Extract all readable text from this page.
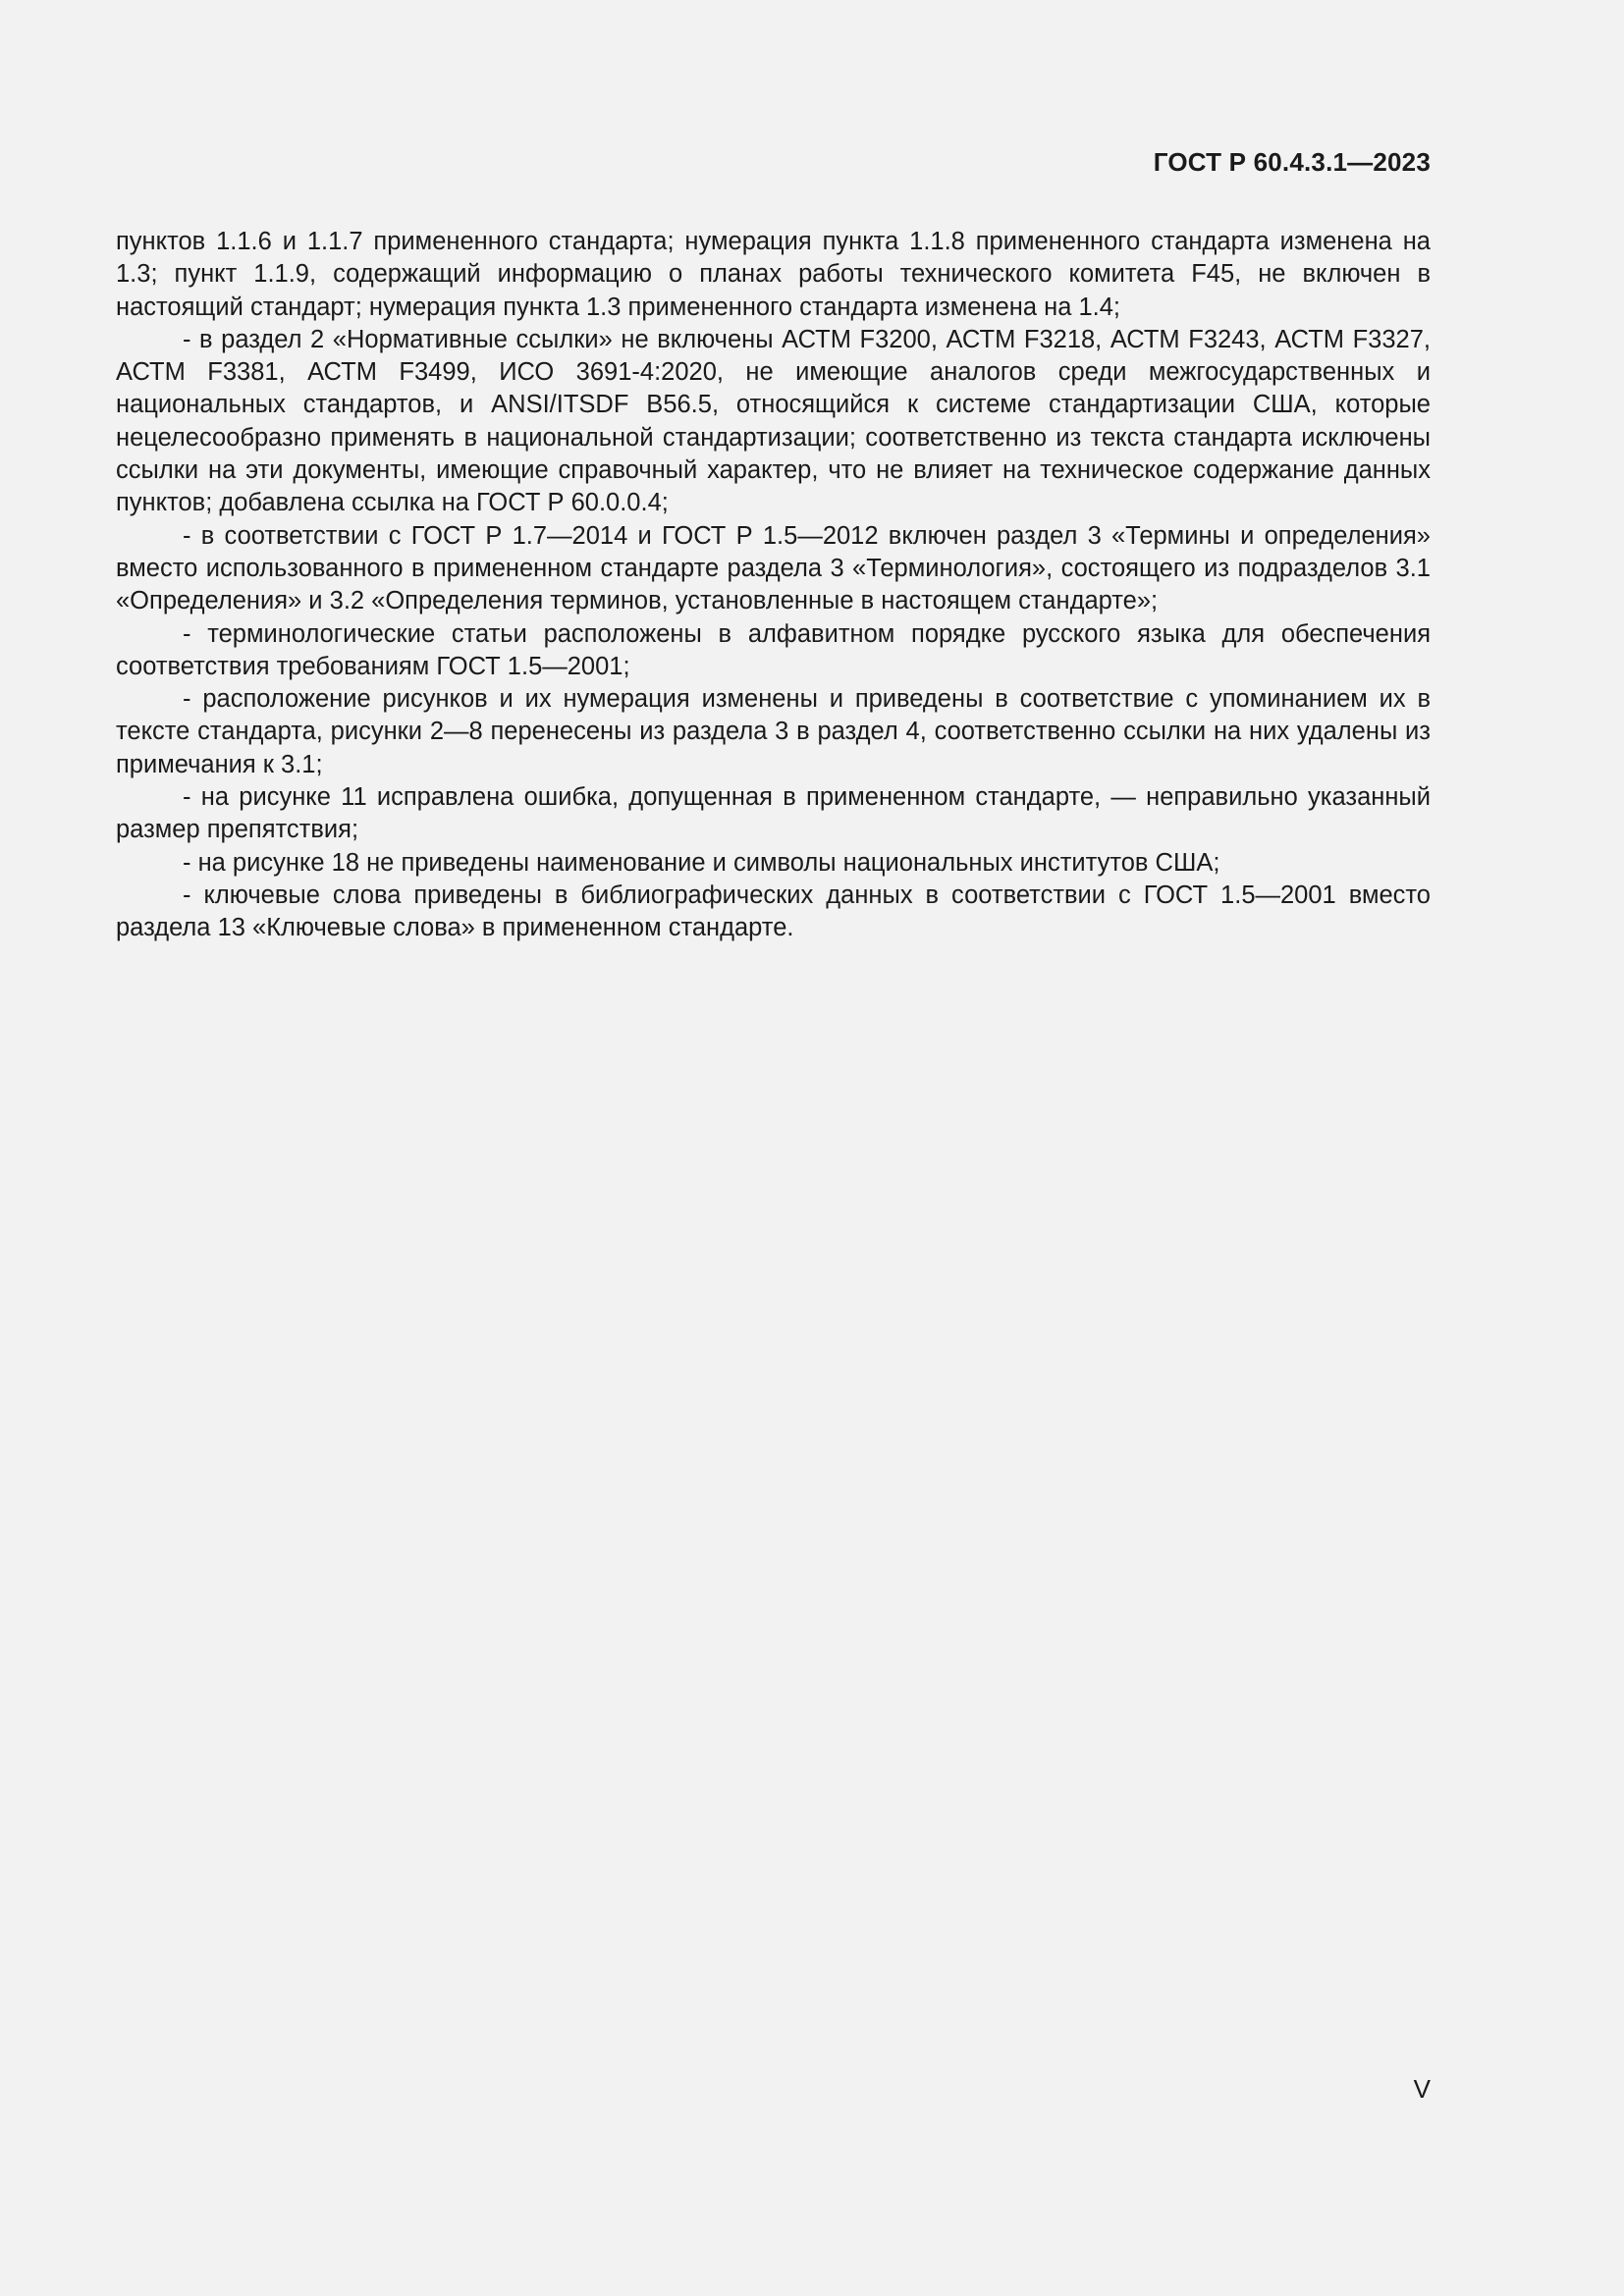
ГОСТ Р 60.4.3.1—2023

пунктов 1.1.6 и 1.1.7 примененного стандарта; нумерация пункта 1.1.8 примененного стандарта изменена на 1.3; пункт 1.1.9, содержащий информацию о планах работы технического комитета F45, не включен в настоящий стандарт; нумерация пункта 1.3 примененного стандарта изменена на 1.4;

- в раздел 2 «Нормативные ссылки» не включены АСТМ F3200, АСТМ F3218, АСТМ F3243, АСТМ F3327, АСТМ F3381, АСТМ F3499, ИСО 3691-4:2020, не имеющие аналогов среди межгосударственных и национальных стандартов, и ANSI/ITSDF B56.5, относящийся к системе стандартизации США, которые нецелесообразно применять в национальной стандартизации; соответственно из текста стандарта исключены ссылки на эти документы, имеющие справочный характер, что не влияет на техническое содержание данных пунктов; добавлена ссылка на ГОСТ Р 60.0.0.4;

- в соответствии с ГОСТ Р 1.7—2014 и ГОСТ Р 1.5—2012 включен раздел 3 «Термины и определения» вместо использованного в примененном стандарте раздела 3 «Терминология», состоящего из подразделов 3.1 «Определения» и 3.2 «Определения терминов, установленные в настоящем стандарте»;

- терминологические статьи расположены в алфавитном порядке русского языка для обеспечения соответствия требованиям ГОСТ 1.5—2001;

- расположение рисунков и их нумерация изменены и приведены в соответствие с упоминанием их в тексте стандарта, рисунки 2—8 перенесены из раздела 3 в раздел 4, соответственно ссылки на них удалены из примечания к 3.1;

- на рисунке 11 исправлена ошибка, допущенная в примененном стандарте, — неправильно указанный размер препятствия;

- на рисунке 18 не приведены наименование и символы национальных институтов США;

- ключевые слова приведены в библиографических данных в соответствии с ГОСТ 1.5—2001 вместо раздела 13 «Ключевые слова» в примененном стандарте.

V
